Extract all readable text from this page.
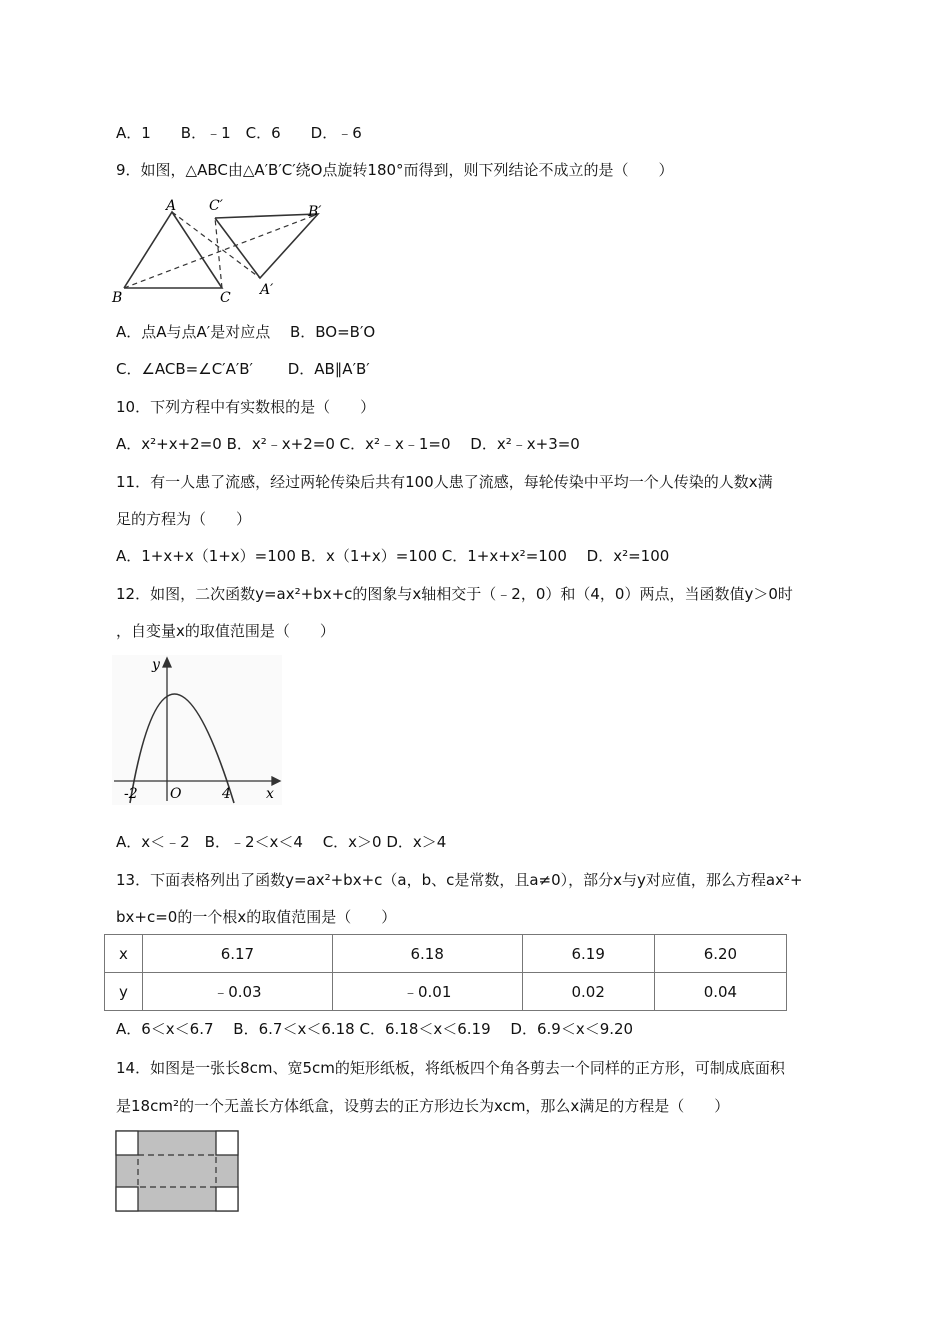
A．1　　B．﹣1　C．6　　D．﹣6
9．如图，△ABC由△A′B′C′绕O点旋转180°而得到，则下列结论不成立的是（　　）
A
B	C
C′	B′
A′
A．点A与点A′是对应点　 B．BO=B′O
C．∠ACB=∠C′A′B′　　 D．AB∥A′B′
10．下列方程中有实数根的是（　　）
A．x²+x+2=0 B．x²﹣x+2=0 C．x²﹣x﹣1=0　 D．x²﹣x+3=0
11．有一人患了流感，经过两轮传染后共有100人患了流感，每轮传染中平均一个人传染的人数x满
足的方程为（　　）
A．1+x+x（1+x）=100 B．x（1+x）=100 C．1+x+x²=100　 D．x²=100
12．如图，二次函数y=ax²+bx+c的图象与x轴相交于（﹣2，0）和（4，0）两点，当函数值y＞0时
，自变量x的取值范围是（　　）
y
x
O
-2	4
A．x＜﹣2　B．﹣2＜x＜4　 C．x＞0 D．x＞4
13．下面表格列出了函数y=ax²+bx+c（a，b、c是常数，且a≠0），部分x与y对应值，那么方程ax²+
bx+c=0的一个根x的取值范围是（　　）
x	6.17	6.18	6.19	6.20
y	﹣0.03	﹣0.01	0.02	0.04
A．6＜x＜6.7　 B．6.7＜x＜6.18 C．6.18＜x＜6.19　 D．6.9＜x＜9.20
14．如图是一张长8cm、宽5cm的矩形纸板，将纸板四个角各剪去一个同样的正方形，可制成底面积
是18cm²的一个无盖长方体纸盒，设剪去的正方形边长为xcm，那么x满足的方程是（　　）
